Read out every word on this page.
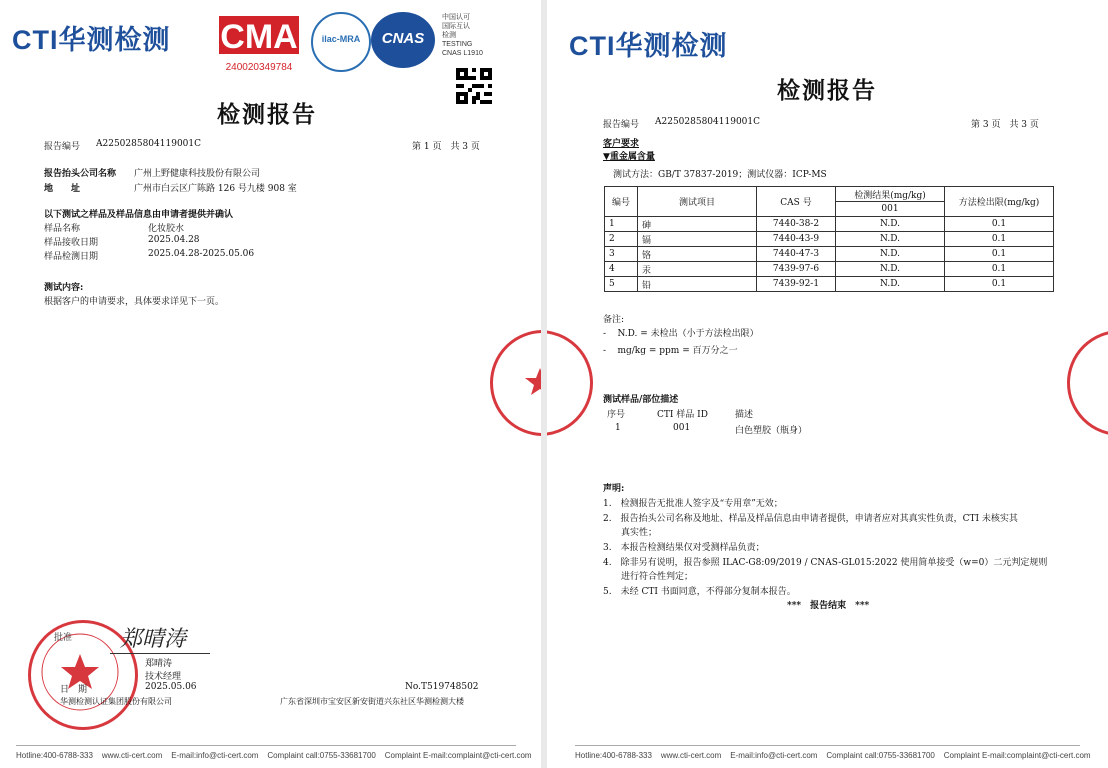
CTI华测检测 CMA
240020349784
ilac-MRA	CNAS
中国认可
国际互认
检测
TESTING
CNAS L1910
检测报告
报告编号 A2250285804119001C	第 1 页　共 3 页
报告抬头公司名称 广州上野健康科技股份有限公司
地　　址	广州市白云区广陈路 126 号九楼 908 室
以下测试之样品及样品信息由申请者提供并确认
样品名称	化妆胶水
样品接收日期	2025.04.28
样品检测日期	2025.04.28-2025.05.06
测试内容:
根据客户的申请要求，具体要求详见下一页。
批准 郑晴涛
郑晴涛
技术经理
日　期	2025.05.06	No.T519748502
华测检测认证集团股份有限公司	广东省深圳市宝安区新安街道兴东社区华测检测大楼
Hotline:400-6788-333 www.cti-cert.com E-mail:info@cti-cert.com Complaint call:0755-33681700 Complaint E-mail:complaint@cti-cert.com
CTI华测检测
检测报告
报告编号 A2250285804119001C	第 3 页　共 3 页
客户要求
▼重金属含量
测试方法：GB/T 37837-2019；测试仪器：ICP-MS
编号	测试项目	CAS 号	检测结果(mg/kg)	方法检出限(mg/kg)
			001	
1	砷	7440-38-2	N.D.	0.1
2	镉	7440-43-9	N.D.	0.1
3	铬	7440-47-3	N.D.	0.1
4	汞	7439-97-6	N.D.	0.1
5	铅	7439-92-1	N.D.	0.1
备注:
-    N.D. = 未检出（小于方法检出限）
-    mg/kg = ppm = 百万分之一
测试样品/部位描述
序号	CTI 样品 ID	描述
1	001	白色塑胶（瓶身）
声明:
1.　检测报告无批准人签字及“专用章”无效；
2.　报告抬头公司名称及地址、样品及样品信息由申请者提供，申请者应对其真实性负责，CTI 未核实其
　　真实性；
3.　本报告检测结果仅对受测样品负责；
4.　除非另有说明，报告参照 ILAC-G8:09/2019 / CNAS-GL015:2022 使用简单接受（w=0）二元判定规则
　　进行符合性判定；
5.　未经 CTI 书面同意，不得部分复制本报告。
***　报告结束　***
Hotline:400-6788-333 www.cti-cert.com E-mail:info@cti-cert.com Complaint call:0755-33681700 Complaint E-mail:complaint@cti-cert.com
